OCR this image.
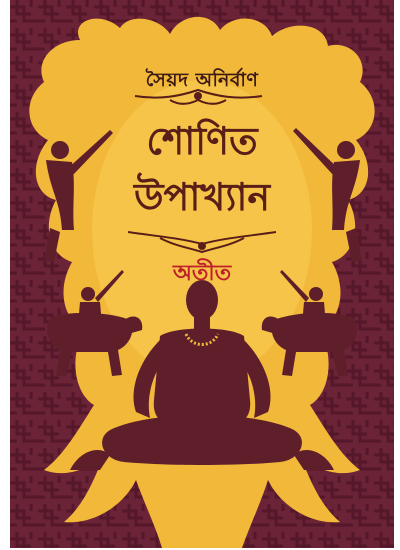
সৈয়দ অনির্বাণ
শোণিত
উপাখ্যান
অতীত
